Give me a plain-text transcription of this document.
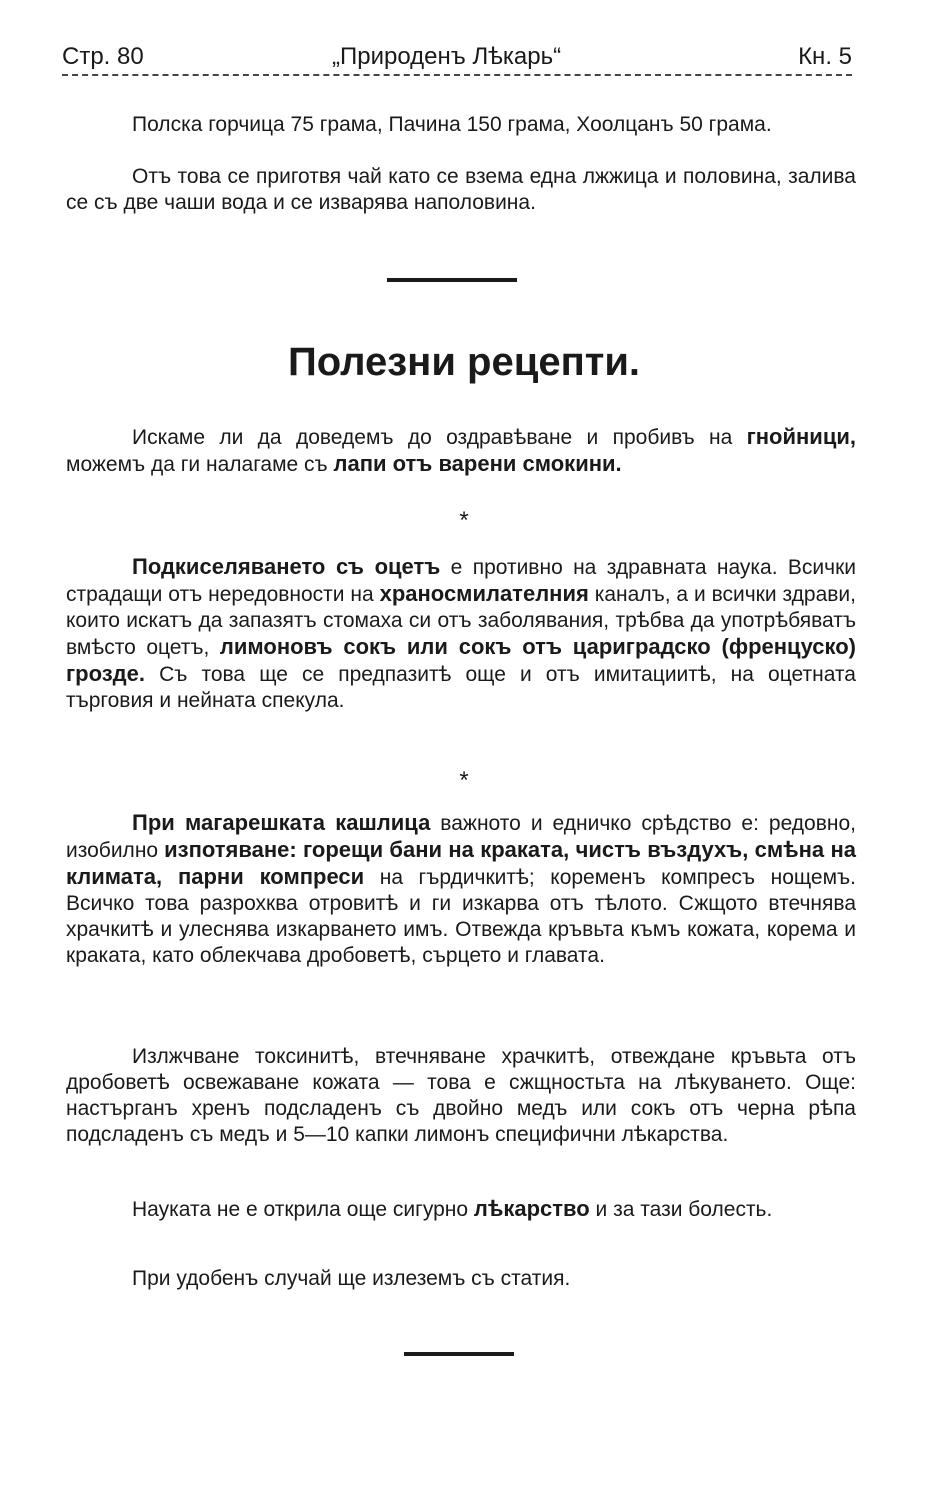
Стр. 80	„Природенъ Лѣкарь“	Кн. 5
Полска горчица 75 грама, Пачина 150 грама, Хоолцанъ 50 грама.
Отъ това се приготвя чай като се взема една лжжица и половина, залива се съ две чаши вода и се изварява наполовина.
Полезни рецепти.
Искаме ли да доведемъ до оздравѣване и пробивъ на гнойници, можемъ да ги налагаме съ лапи отъ варени смокини.
*
Подкиселяването съ оцетъ е противно на здравната наука. Всички страдащи отъ нередовности на храносмилателния каналъ, а и всички здрави, които искатъ да запазятъ стомаха си отъ заболявания, трѣбва да употрѣбяватъ вмѣсто оцетъ, лимоновъ сокъ или сокъ отъ цариградско (френцуско) грозде. Съ това ще се предпазитѣ още и отъ имитациитѣ, на оцетната търговия и нейната спекула.
*
При магарешката кашлица важното и едничко срѣдство е: редовно, изобилно изпотяване: горещи бани на краката, чистъ въздухъ, смѣна на климата, парни компреси на гърдичкитѣ; корeменъ компресъ нощемъ. Всичко това разрохква отровитѣ и ги изкарва отъ тѣлото. Сжщото втечнява храчкитѣ и улеснява изкарването имъ. Отвежда кръвьта къмъ кожата, корема и краката, като облекчава дробоветѣ, сърцето и главата.
Излжчване токсинитѣ, втечняване храчкитѣ, отвеждане кръвьта отъ дробоветѣ освежаване кожата — това е сжщностьта на лѣкуването. Още: настърганъ хренъ подсладенъ съ двойно медъ или сокъ отъ черна рѣпа подсладенъ съ медъ и 5—10 капки лимонъ специфични лѣкарства.
Науката не е открила още сигурно лѣкарство и за тази болесть.
При удобенъ случай ще излеземъ съ статия.
